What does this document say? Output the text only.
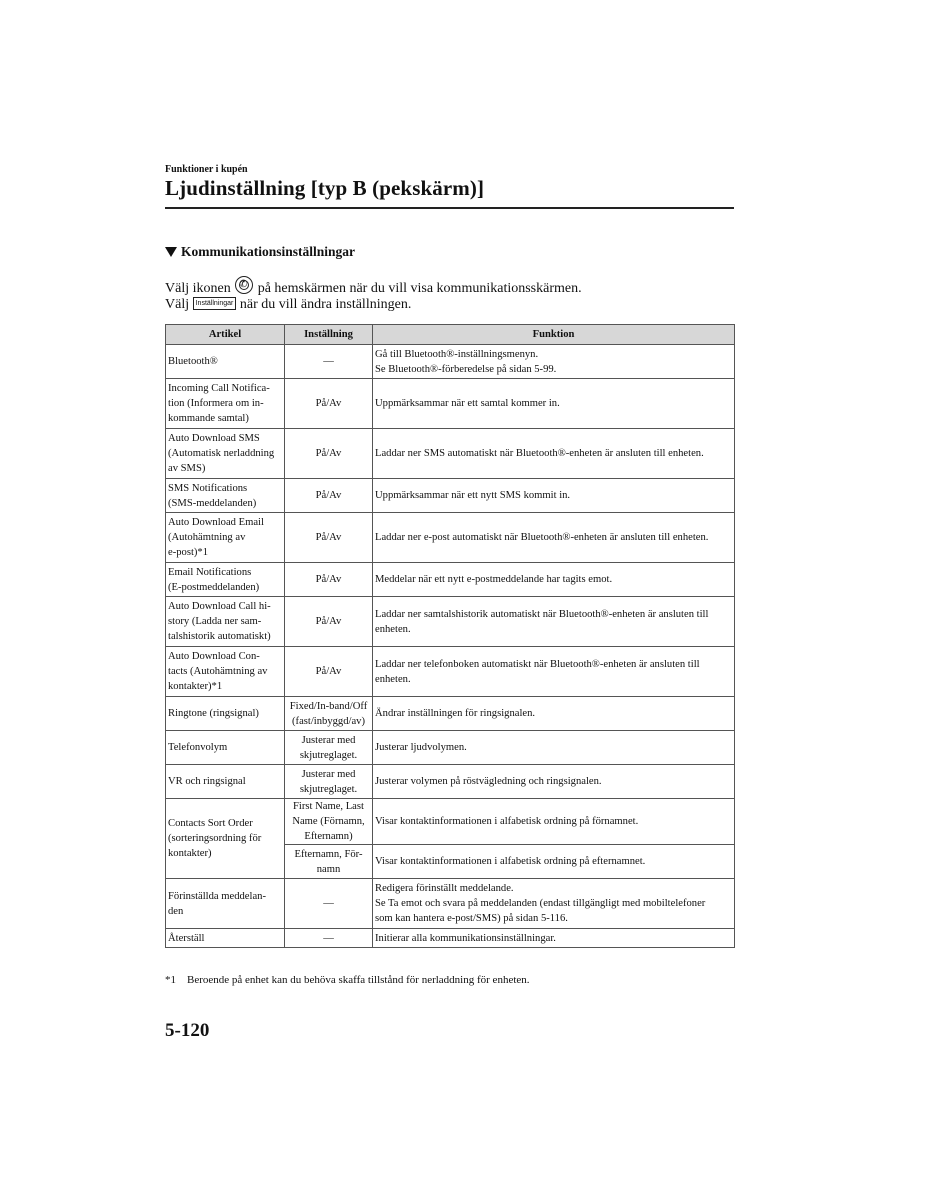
Funktioner i kupén
Ljudinställning [typ B (pekskärm)]
Kommunikationsinställningar
Välj ikonen ✆ på hemskärmen när du vill visa kommunikationsskärmen.
Välj Inställningar när du vill ändra inställningen.
Artikel	Inställning	Funktion
Bluetooth®	—	Gå till Bluetooth®-inställningsmenyn.
Se Bluetooth®-förberedelse på sidan 5-99.
Incoming Call Notifica-
tion (Informera om in-
kommande samtal)	På/Av	Uppmärksammar när ett samtal kommer in.
Auto Download SMS
(Automatisk nerladdning
av SMS)	På/Av	Laddar ner SMS automatiskt när Bluetooth®-enheten är ansluten till enheten.
SMS Notifications
(SMS-meddelanden)	På/Av	Uppmärksammar när ett nytt SMS kommit in.
Auto Download Email
(Autohämtning av
e-post)*1	På/Av	Laddar ner e-post automatiskt när Bluetooth®-enheten är ansluten till enheten.
Email Notifications
(E-postmeddelanden)	På/Av	Meddelar när ett nytt e-postmeddelande har tagits emot.
Auto Download Call hi-
story (Ladda ner sam-
talshistorik automatiskt)	På/Av	Laddar ner samtalshistorik automatiskt när Bluetooth®-enheten är ansluten till
enheten.
Auto Download Con-
tacts (Autohämtning av
kontakter)*1	På/Av	Laddar ner telefonboken automatiskt när Bluetooth®-enheten är ansluten till
enheten.
Ringtone (ringsignal)	Fixed/In-band/Off
(fast/inbyggd/av)	Ändrar inställningen för ringsignalen.
Telefonvolym	Justerar med
skjutreglaget.	Justerar ljudvolymen.
VR och ringsignal	Justerar med
skjutreglaget.	Justerar volymen på röstvägledning och ringsignalen.
Contacts Sort Order
(sorteringsordning för
kontakter)	First Name, Last
Name (Förnamn,
Efternamn)	Visar kontaktinformationen i alfabetisk ordning på förnamnet.
	Efternamn, För-
namn	Visar kontaktinformationen i alfabetisk ordning på efternamnet.
Förinställda meddelan-
den	—	Redigera förinställt meddelande.
Se Ta emot och svara på meddelanden (endast tillgängligt med mobiltelefoner
som kan hantera e-post/SMS) på sidan 5-116.
Återställ	—	Initierar alla kommunikationsinställningar.
*1 Beroende på enhet kan du behöva skaffa tillstånd för nerladdning för enheten.
5-120
